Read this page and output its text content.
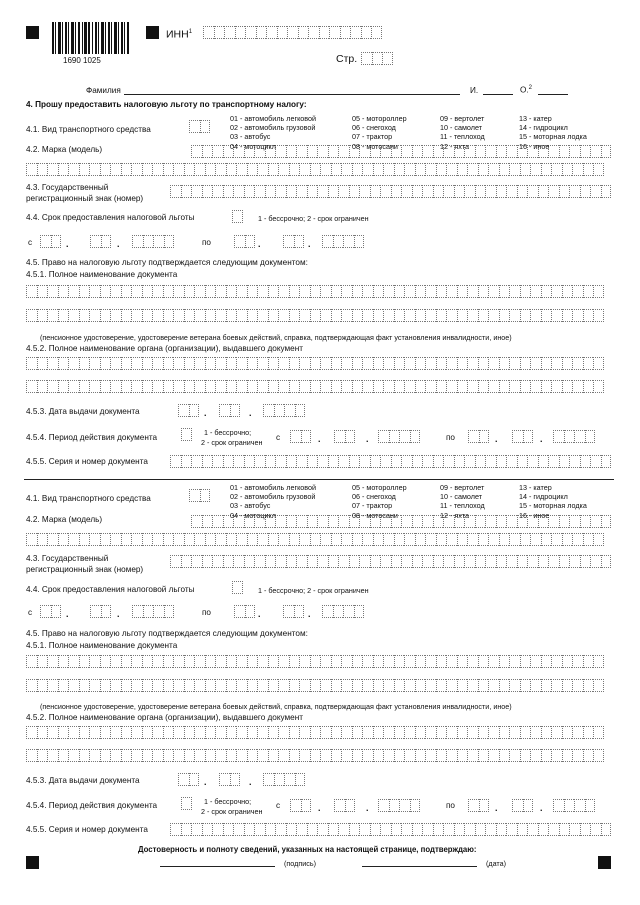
1690 1025
ИНН$^1$
Стр.
Фамилия	И.	О.$^2$
4. Прошу предоставить налоговую льготу по транспортному налогу:
4.1. Вид транспортного средства
4.2. Марка (модель)
4.3. Государственный
регистрационный знак (номер)
4.4. Срок предоставления налоговой льготы	1 - бессрочно; 2 - срок ограничен
с	.	.	по	.	.
4.5. Право на налоговую льготу подтверждается следующим документом:
4.5.1. Полное наименование документа
(пенсионное удостоверение, удостоверение ветерана боевых действий, справка, подтверждающая факт установления инвалидности, иное)
4.5.2. Полное наименование органа (организации), выдавшего документ
4.5.3. Дата выдачи документа	.	.
4.5.4. Период действия документа
1 - бессрочно;
2 - срок ограничен
с	.	.	по	.	.
4.5.5. Серия и номер документа
4.1. Вид транспортного средства
4.2. Марка (модель)
4.3. Государственный
регистрационный знак (номер)
4.4. Срок предоставления налоговой льготы	1 - бессрочно; 2 - срок ограничен
с	.	.	по	.	.
4.5. Право на налоговую льготу подтверждается следующим документом:
4.5.1. Полное наименование документа
(пенсионное удостоверение, удостоверение ветерана боевых действий, справка, подтверждающая факт установления инвалидности, иное)
4.5.2. Полное наименование органа (организации), выдавшего документ
4.5.3. Дата выдачи документа	.	.
4.5.4. Период действия документа	1 - бессрочно;
2 - срок ограничен
с	.	.	по	.	.
4.5.5. Серия и номер документа
Достоверность и полноту сведений, указанных на настоящей странице, подтверждаю:
(подпись)	(дата)
01 - автомобиль легковой	05 - мотороллер	09 - вертолет	13 - катер
02 - автомобиль грузовой	06 - снегоход	10 - самолет	14 - гидроцикл
03 - автобус	07 - трактор	11 - теплоход	15 - моторная лодка
04 - мотоцикл	08 - мотосани	12 - яхта	16 - иное
01 - автомобиль легковой	05 - мотороллер	09 - вертолет	13 - катер
02 - автомобиль грузовой	06 - снегоход	10 - самолет	14 - гидроцикл
03 - автобус	07 - трактор	11 - теплоход	15 - моторная лодка
04 - мотоцикл	08 - мотосани	12 - яхта	16 - иное
